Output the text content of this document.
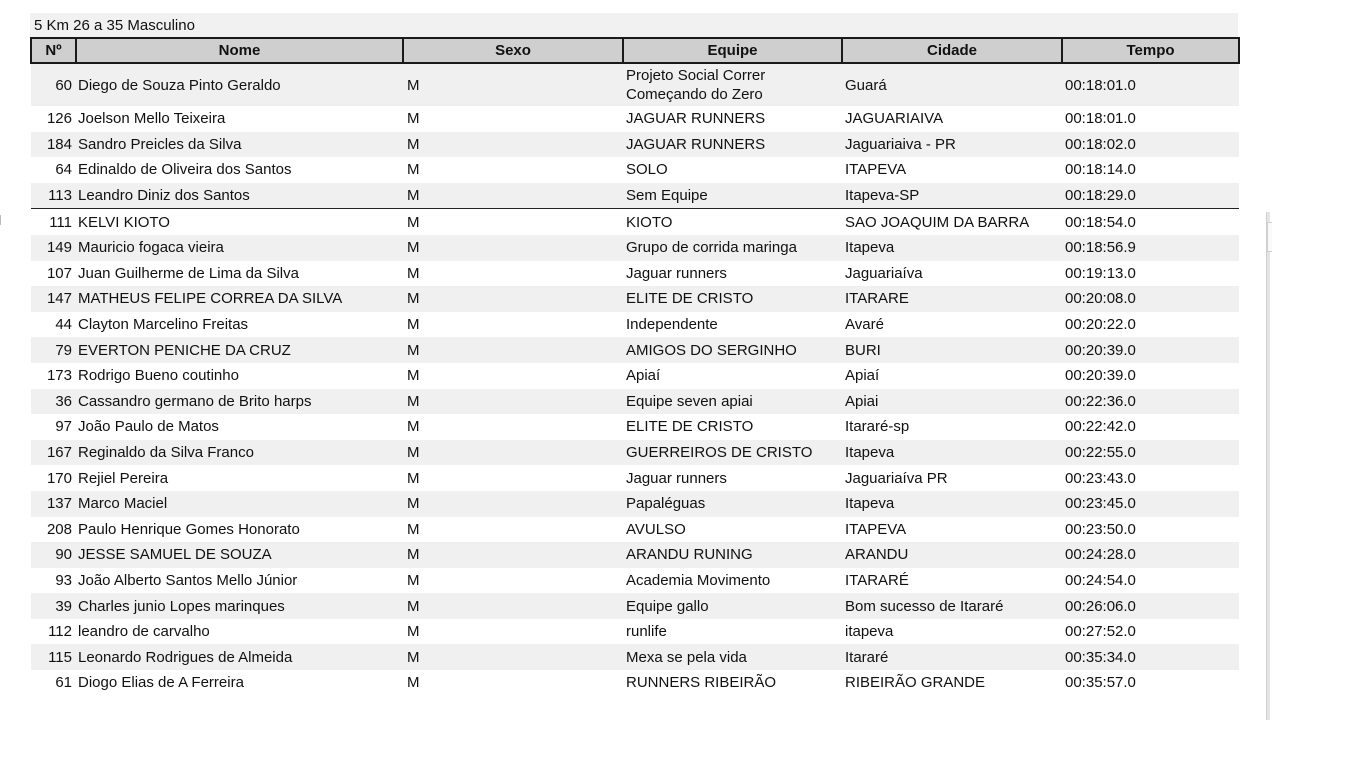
5 Km 26 a 35 Masculino
Nº	Nome	Sexo	Equipe	Cidade	Tempo
60	Diego de Souza Pinto Geraldo	M	Projeto Social Correr Começando do Zero	Guará	00:18:01.0
126	Joelson Mello Teixeira	M	JAGUAR RUNNERS	JAGUARIAIVA	00:18:01.0
184	Sandro Preicles da Silva	M	JAGUAR RUNNERS	Jaguariaiva - PR	00:18:02.0
64	Edinaldo de Oliveira dos Santos	M	SOLO	ITAPEVA	00:18:14.0
113	Leandro Diniz dos Santos	M	Sem Equipe	Itapeva-SP	00:18:29.0
111	KELVI KIOTO	M	KIOTO	SAO JOAQUIM DA BARRA	00:18:54.0
149	Mauricio fogaca vieira	M	Grupo de corrida maringa	Itapeva	00:18:56.9
107	Juan Guilherme de Lima da Silva	M	Jaguar runners	Jaguariaíva	00:19:13.0
147	MATHEUS FELIPE CORREA DA SILVA	M	ELITE DE CRISTO	ITARARE	00:20:08.0
44	Clayton Marcelino Freitas	M	Independente	Avaré	00:20:22.0
79	EVERTON PENICHE DA CRUZ	M	AMIGOS DO SERGINHO	BURI	00:20:39.0
173	Rodrigo Bueno coutinho	M	Apiaí	Apiaí	00:20:39.0
36	Cassandro germano de Brito harps	M	Equipe seven apiai	Apiai	00:22:36.0
97	João Paulo de Matos	M	ELITE DE CRISTO	Itararé-sp	00:22:42.0
167	Reginaldo da Silva Franco	M	GUERREIROS DE CRISTO	Itapeva	00:22:55.0
170	Rejiel Pereira	M	Jaguar runners	Jaguariaíva PR	00:23:43.0
137	Marco Maciel	M	Papaléguas	Itapeva	00:23:45.0
208	Paulo Henrique Gomes Honorato	M	AVULSO	ITAPEVA	00:23:50.0
90	JESSE SAMUEL DE SOUZA	M	ARANDU RUNING	ARANDU	00:24:28.0
93	João Alberto Santos Mello Júnior	M	Academia Movimento	ITARARÉ	00:24:54.0
39	Charles junio Lopes marinques	M	Equipe gallo	Bom sucesso de Itararé	00:26:06.0
112	leandro de carvalho	M	runlife	itapeva	00:27:52.0
115	Leonardo Rodrigues de Almeida	M	Mexa se pela vida	Itararé	00:35:34.0
61	Diogo Elias de A Ferreira	M	RUNNERS RIBEIRÃO	RIBEIRÃO GRANDE	00:35:57.0
